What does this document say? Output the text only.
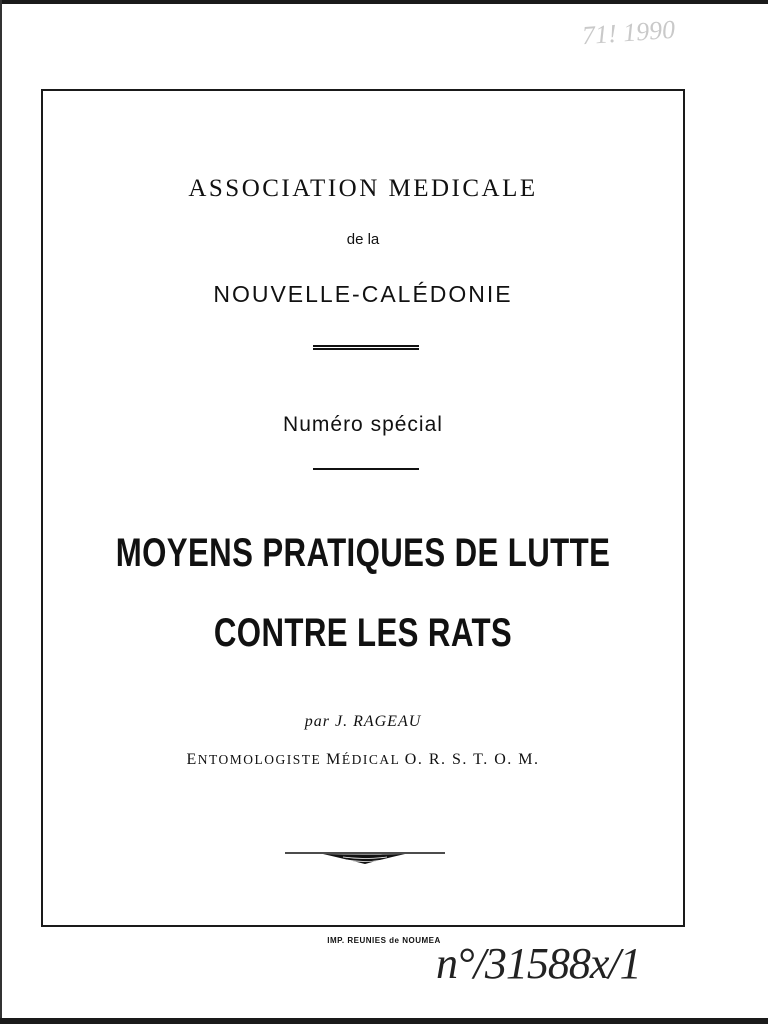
71! 1990
ASSOCIATION MEDICALE
de la
NOUVELLE-CALÉDONIE
Numéro spécial
MOYENS PRATIQUES DE LUTTE
CONTRE LES RATS
par J. RAGEAU
ENTOMOLOGISTE MÉDICAL O. R. S. T. O. M.
IMP. REUNIES de NOUMEA
n°/31588x/1
